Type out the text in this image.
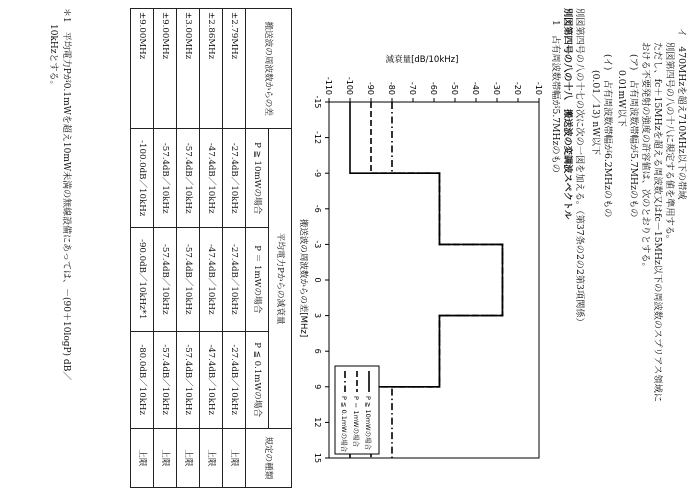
イ　470MHzを超え710MHz以下の帯域
別図第四号の八の十八に規定する値を準用する。
ただし、fc＋15MHzを超える周波数又はfc－15MHz以下の周波数のスプリアス領域に
おける不要発射の強度の許容値は、次のとおりとする。
(ア)　占有周波数帯幅が5.7MHzのもの
0.01mW以下
(イ)　占有周波数帯幅が6.2MHzのもの
(0.01／13) nW以下
別図第四号の八の十七の次に次の一図を加える。（第37条の2の2第3項関係）
別図第四号の八の十八　搬送波の変調波スペクトル
1　占有周波数帯幅が5.7MHzのもの
減衰量[dB/10kHz]
搬送波の周波数からの差[MHz]
-10
-20
-30
-40
-50
-60
-70
-80
-90
-100
-110
-15
-12
-9
-6
-3
0
3
6
9
12
15
P ≧ 10mWの場合
P ＝ 1mWの場合
P ≦ 0.1mWの場合
搬送波の周波数からの差	平均電力Pからの減衰量			規定の種類
	P ≧ 10mWの場合	P ＝ 1mWの場合	P ≦ 0.1mWの場合	
±2.79MHz	-27.4dB／10kHz	-27.4dB／10kHz	-27.4dB／10kHz	上限
±2.86MHz	-47.4dB／10kHz	-47.4dB／10kHz	-47.4dB／10kHz	上限
±3.00MHz	-57.4dB／10kHz	-57.4dB／10kHz	-57.4dB／10kHz	上限
±9.00MHz	-57.4dB／10kHz	-57.4dB／10kHz	-57.4dB／10kHz	上限
±9.00MHz	-100.0dB／10kHz	-90.0dB／10kHz*1	-80.0dB／10kHz	上限
＊1　平均電力Pが0.1mWを超え10mW未満の無線設備にあっては、－(90＋10logP) dB／
10kHzとする。
